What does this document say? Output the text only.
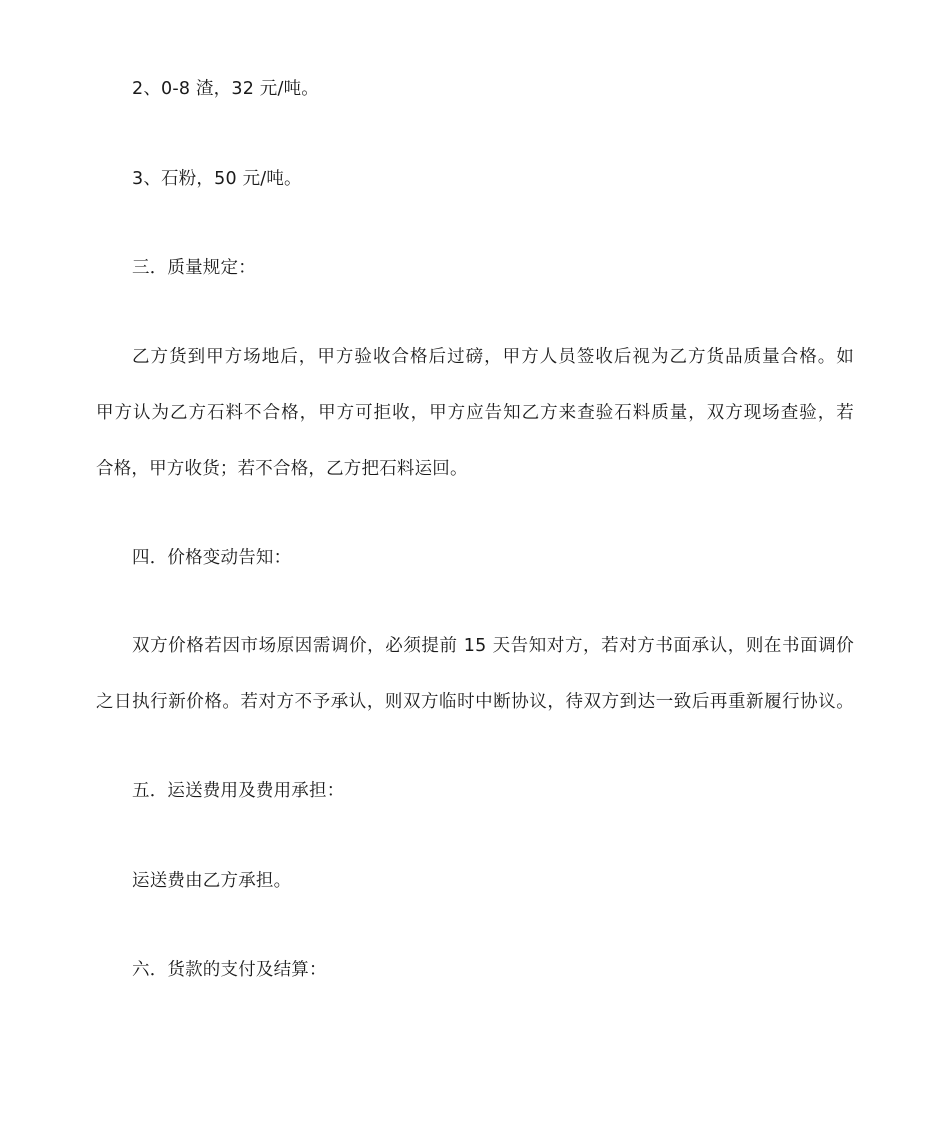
2、0-8 渣，32 元/吨。

3、石粉，50 元/吨。

三．质量规定：

乙方货到甲方场地后，甲方验收合格后过磅，甲方人员签收后视为乙方货品质量合格。如

甲方认为乙方石料不合格，甲方可拒收，甲方应告知乙方来查验石料质量，双方现场查验，若

合格，甲方收货；若不合格，乙方把石料运回。

四．价格变动告知：

双方价格若因市场原因需调价，必须提前 15 天告知对方，若对方书面承认，则在书面调价

之日执行新价格。若对方不予承认，则双方临时中断协议，待双方到达一致后再重新履行协议。

五．运送费用及费用承担：

运送费由乙方承担。

六．货款的支付及结算：
